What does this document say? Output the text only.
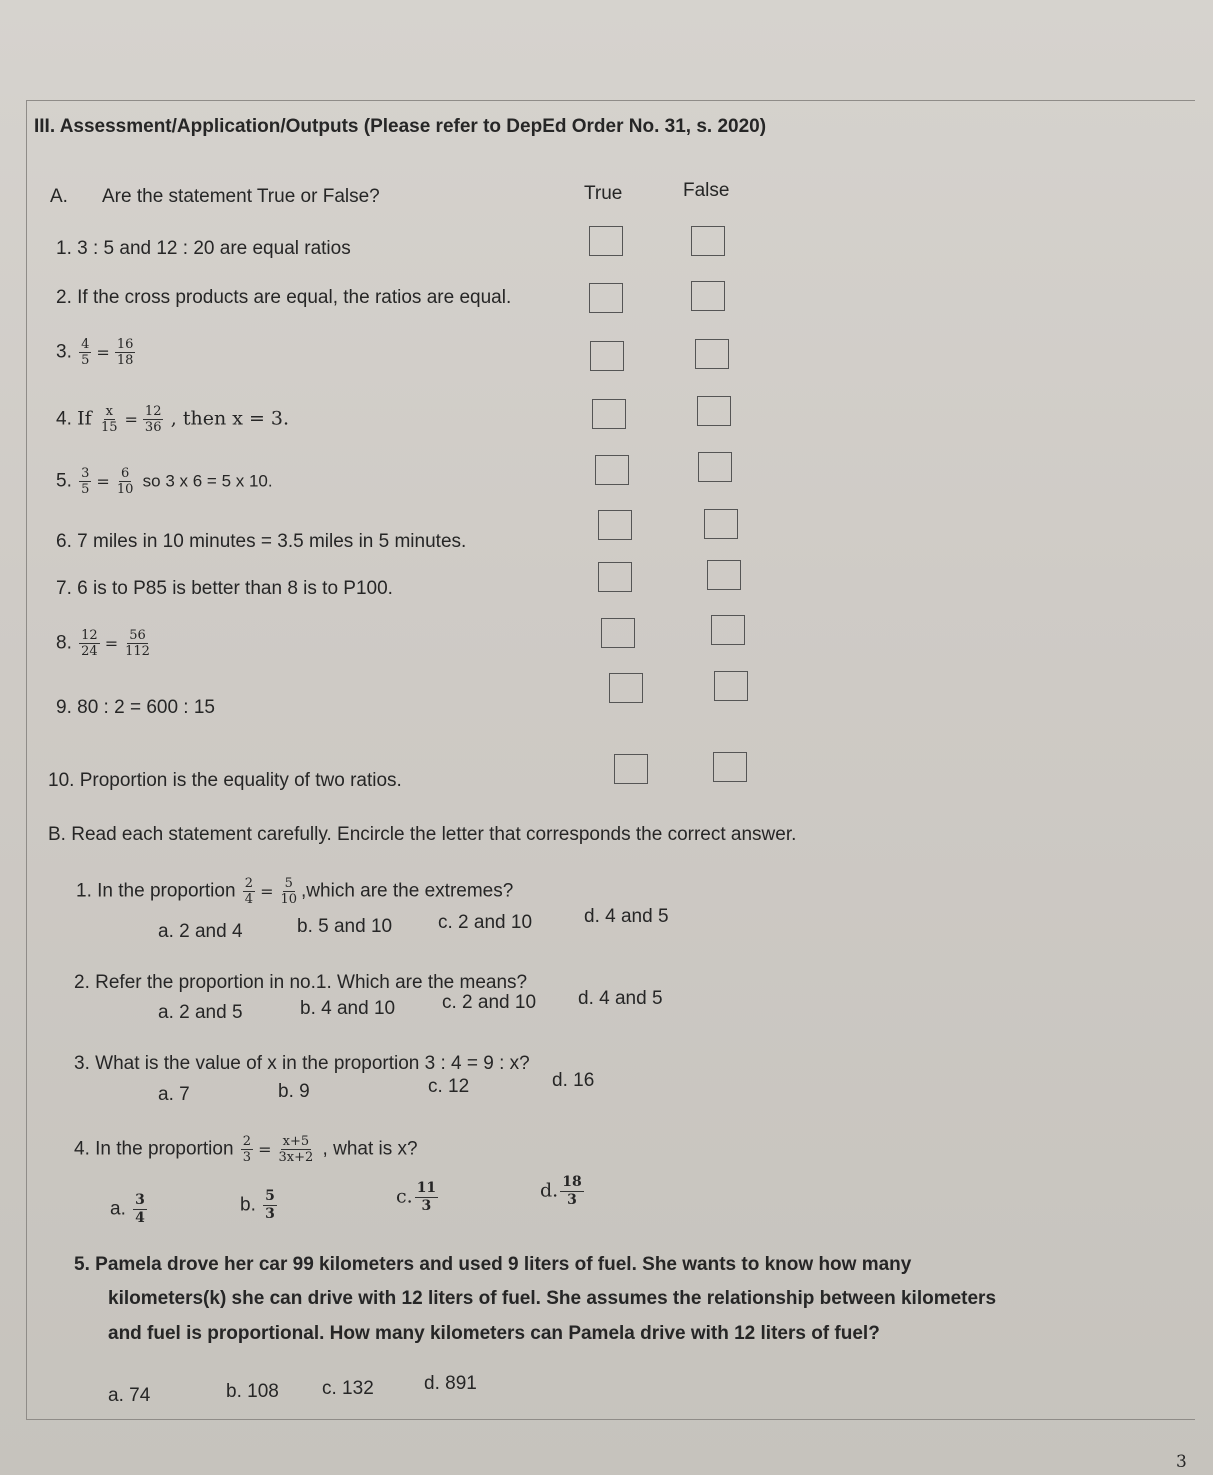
III. Assessment/Application/Outputs (Please refer to DepEd Order No. 31, s. 2020)
A. Are the statement True or False?	True	False
1. 3 : 5 and 12 : 20 are equal ratios
2. If the cross products are equal, the ratios are equal.
3. $\frac{4}{5} = \frac{16}{18}$
4. If $\frac{x}{15} = \frac{12}{36}$ , then x = 3.
5. $\frac{3}{5} = \frac{6}{10}$ so 3 x 6 = 5 x 10.
6. 7 miles in 10 minutes = 3.5 miles in 5 minutes.
7. 6 is to P85 is better than 8 is to P100.
8. $\frac{12}{24} = \frac{56}{112}$
9. 80 : 2 = 600 : 15
10. Proportion is the equality of two ratios.
B. Read each statement carefully. Encircle the letter that corresponds the correct answer.
1. In the proportion $\frac{2}{4} = \frac{5}{10}$ ,which are the extremes?
a. 2 and 4	b. 5 and 10 c. 2 and 10	d. 4 and 5
2. Refer the proportion in no.1. Which are the means?
a. 2 and 5	b. 4 and 10 c. 2 and 10 d. 4 and 5
3. What is the value of x in the proportion 3 : 4 = 9 : x?
a. 7	b. 9	c. 12	d. 16
4. In the proportion $\frac{2}{3} = \frac{x+5}{3x+2}$ , what is x?
a. $\frac{3}{4}$	b. $\frac{5}{3}$	c. $\frac{11}{3}$	d. $\frac{18}{3}$
5. Pamela drove her car 99 kilometers and used 9 liters of fuel. She wants to know how many
kilometers(k) she can drive with 12 liters of fuel. She assumes the relationship between kilometers
and fuel is proportional. How many kilometers can Pamela drive with 12 liters of fuel?
a. 74	b. 108 c. 132	d. 891
3
